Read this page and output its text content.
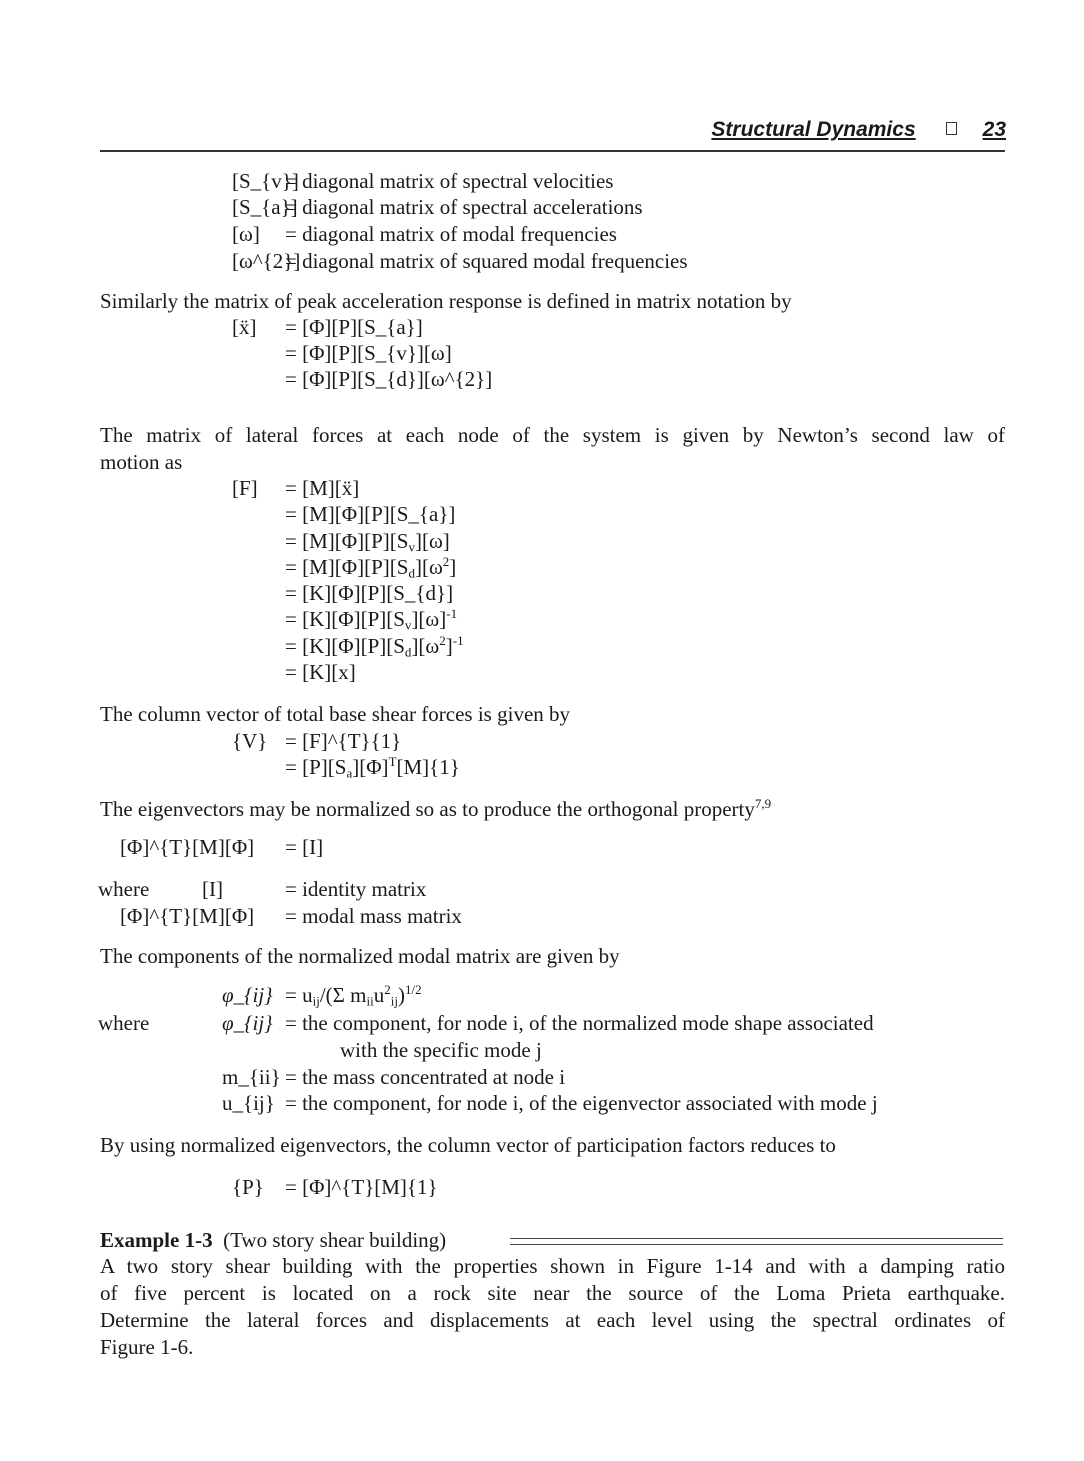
Structural Dynamics	23
[S_{v}]
= diagonal matrix of spectral velocities
[S_{a}]
= diagonal matrix of spectral accelerations
[ω] = diagonal matrix of modal frequencies
[ω^{2}]
= diagonal matrix of squared modal frequencies
Similarly the matrix of peak acceleration response is defined in matrix notation by
[ẍ] = [Φ][P][S_{a}]
= [Φ][P][S_{v}][ω]
= [Φ][P][S_{d}][ω^{2}]
The matrix of lateral forces at each node of the system is given by Newton’s second law of
motion as
[F] = [M][ẍ]
= [M][Φ][P][S_{a}]
= $[M][\Phi][P][S_v][\omega]$
= $[M][\Phi][P][S_d][\omega^2]$
= [K][Φ][P][S_{d}]
= $[K][\Phi][P][S_v][\omega]^{-1}$
= $[K][\Phi][P][S_d][\omega^2]^{-1}$
= [K][x]
The column vector of total base shear forces is given by
{V} = [F]^{T}{1}
= $[P][S_a][\Phi]^T[M]\{1\}$
The eigenvectors may be normalized so as to produce the orthogonal property$^{7,9}$
[Φ]^{T}[M][Φ] = [I]
where	[I]	= identity matrix
[Φ]^{T}[M][Φ] = modal mass matrix
The components of the normalized modal matrix are given by
φ_{ij} = $u_{ij}/(\Sigma$ $m_{ii}u^2_{ij})^{1/2}$
where	φ_{ij} = the component, for node i, of the normalized mode shape associated
with the specific mode j
m_{ii} = the mass concentrated at node i
u_{ij} = the component, for node i, of the eigenvector associated with mode j
By using normalized eigenvectors, the column vector of participation factors reduces to
{P} = [Φ]^{T}[M]{1}
Example 1-3 (Two story shear building)
A two story shear building with the properties shown in Figure 1-14 and with a damping ratio
of five percent is located on a rock site near the source of the Loma Prieta earthquake.
Determine the lateral forces and displacements at each level using the spectral ordinates of
Figure 1-6.
